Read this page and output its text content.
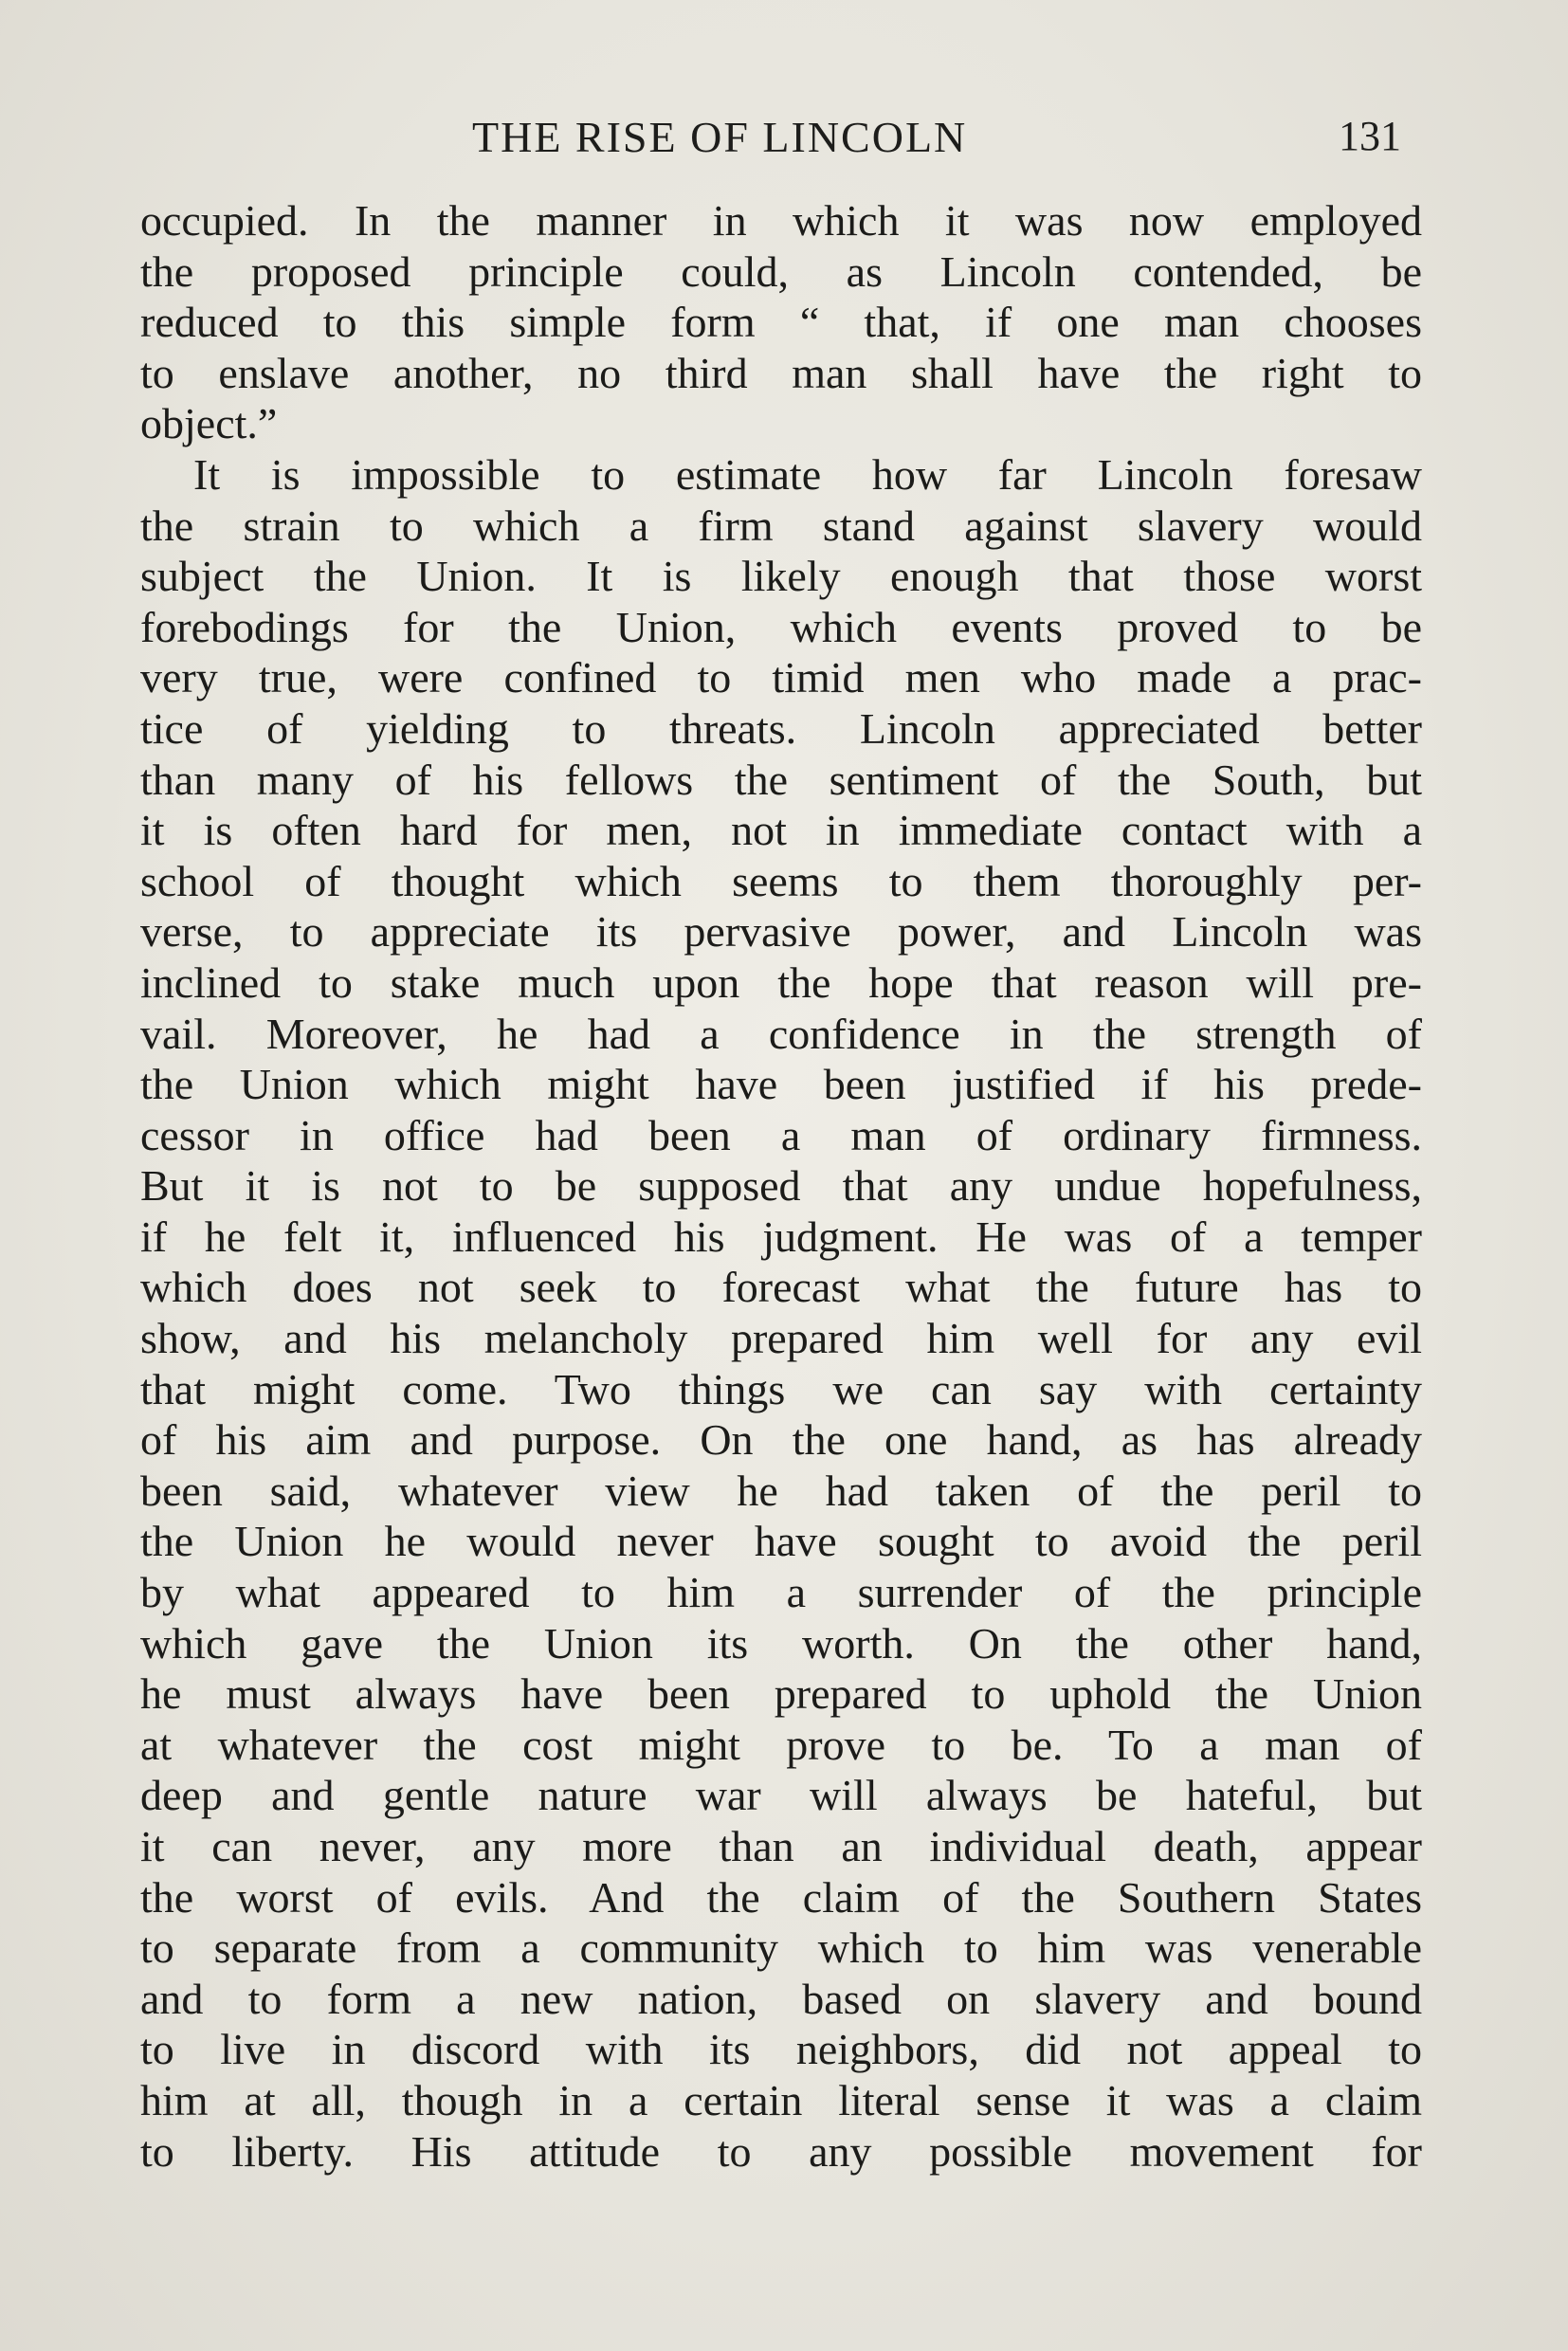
THE RISE OF LINCOLN	131
occupied. In the manner in which it was now employed
the proposed principle could, as Lincoln contended, be
reduced to this simple form “ that, if one man chooses
to enslave another, no third man shall have the right to
object.”
It is impossible to estimate how far Lincoln foresaw
the strain to which a firm stand against slavery would
subject the Union. It is likely enough that those worst
forebodings for the Union, which events proved to be
very true, were confined to timid men who made a prac-
tice of yielding to threats. Lincoln appreciated better
than many of his fellows the sentiment of the South, but
it is often hard for men, not in immediate contact with a
school of thought which seems to them thoroughly per-
verse, to appreciate its pervasive power, and Lincoln was
inclined to stake much upon the hope that reason will pre-
vail. Moreover, he had a confidence in the strength of
the Union which might have been justified if his prede-
cessor in office had been a man of ordinary firmness.
But it is not to be supposed that any undue hopefulness,
if he felt it, influenced his judgment. He was of a temper
which does not seek to forecast what the future has to
show, and his melancholy prepared him well for any evil
that might come. Two things we can say with certainty
of his aim and purpose. On the one hand, as has already
been said, whatever view he had taken of the peril to
the Union he would never have sought to avoid the peril
by what appeared to him a surrender of the principle
which gave the Union its worth. On the other hand,
he must always have been prepared to uphold the Union
at whatever the cost might prove to be. To a man of
deep and gentle nature war will always be hateful, but
it can never, any more than an individual death, appear
the worst of evils. And the claim of the Southern States
to separate from a community which to him was venerable
and to form a new nation, based on slavery and bound
to live in discord with its neighbors, did not appeal to
him at all, though in a certain literal sense it was a claim
to liberty. His attitude to any possible movement for
